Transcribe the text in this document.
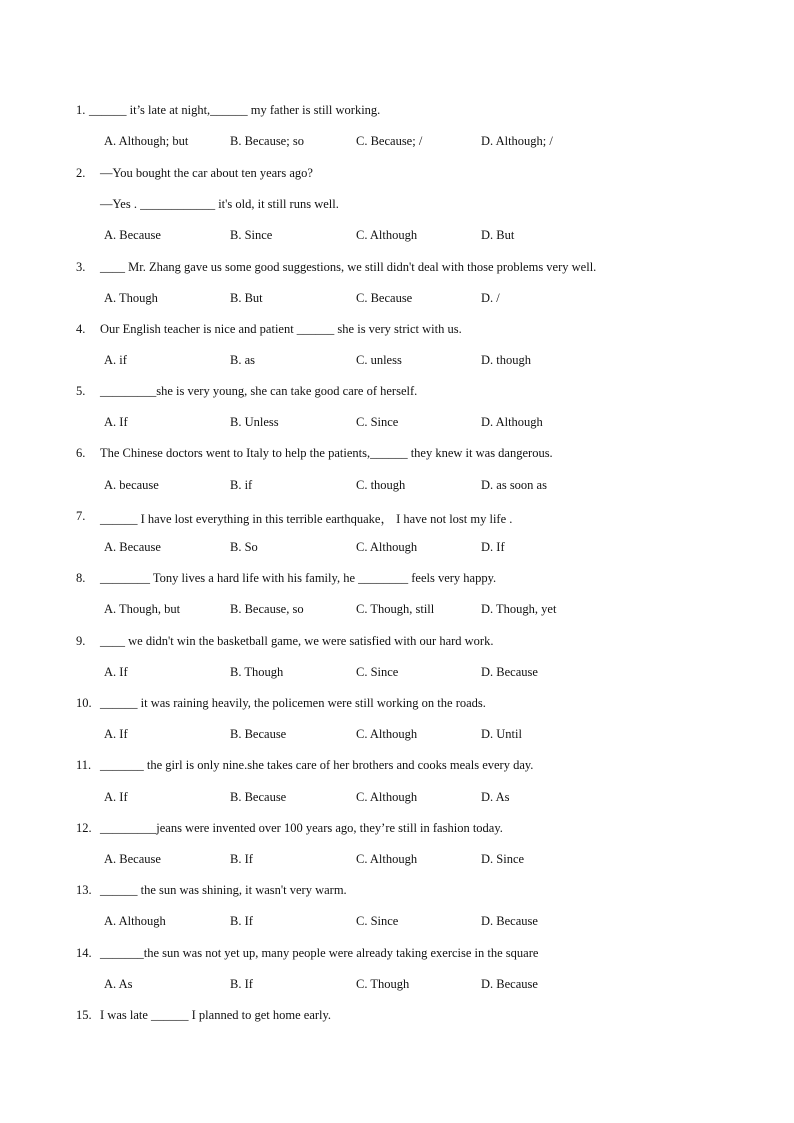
1. ______ it’s late at night,______ my father is still working.
A. Although; but	B. Because; so	C. Because; /	D. Although; /
2. —You bought the car about ten years ago?
—Yes . ____________ it's old, it still runs well.
A. Because	B. Since	C. Although	D. But
3. ____ Mr. Zhang gave us some good suggestions, we still didn't deal with those problems very well.
A. Though	B. But	C. Because	D. /
4. Our English teacher is nice and patient ______ she is very strict with us.
A. if	B. as	C. unless	D. though
5. _________she is very young, she can take good care of herself.
A. If	B. Unless	C. Since	D. Although
6. The Chinese doctors went to Italy to help the patients,______ they knew it was dangerous.
A. because	B. if	C. though	D. as soon as
7. ______ I have lost everything in this terrible earthquake， I have not lost my life .
A. Because	B. So	C. Although	D. If
8. ________ Tony lives a hard life with his family, he ________ feels very happy.
A. Though, but	B. Because, so	C. Though, still	D. Though, yet
9. ____ we didn't win the basketball game, we were satisfied with our hard work.
A. If	B. Though	C. Since	D. Because
10. ______ it was raining heavily, the policemen were still working on the roads.
A. If	B. Because	C. Although	D. Until
11. _______ the girl is only nine.she takes care of her brothers and cooks meals every day.
A. If	B. Because	C. Although	D. As
12. _________jeans were invented over 100 years ago, they’re still in fashion today.
A. Because	B. If	C. Although	D. Since
13. ______ the sun was shining, it wasn't very warm.
A. Although	B. If	C. Since	D. Because
14. _______the sun was not yet up, many people were already taking exercise in the square
A. As	B. If	C. Though	D. Because
15. I was late ______ I planned to get home early.
